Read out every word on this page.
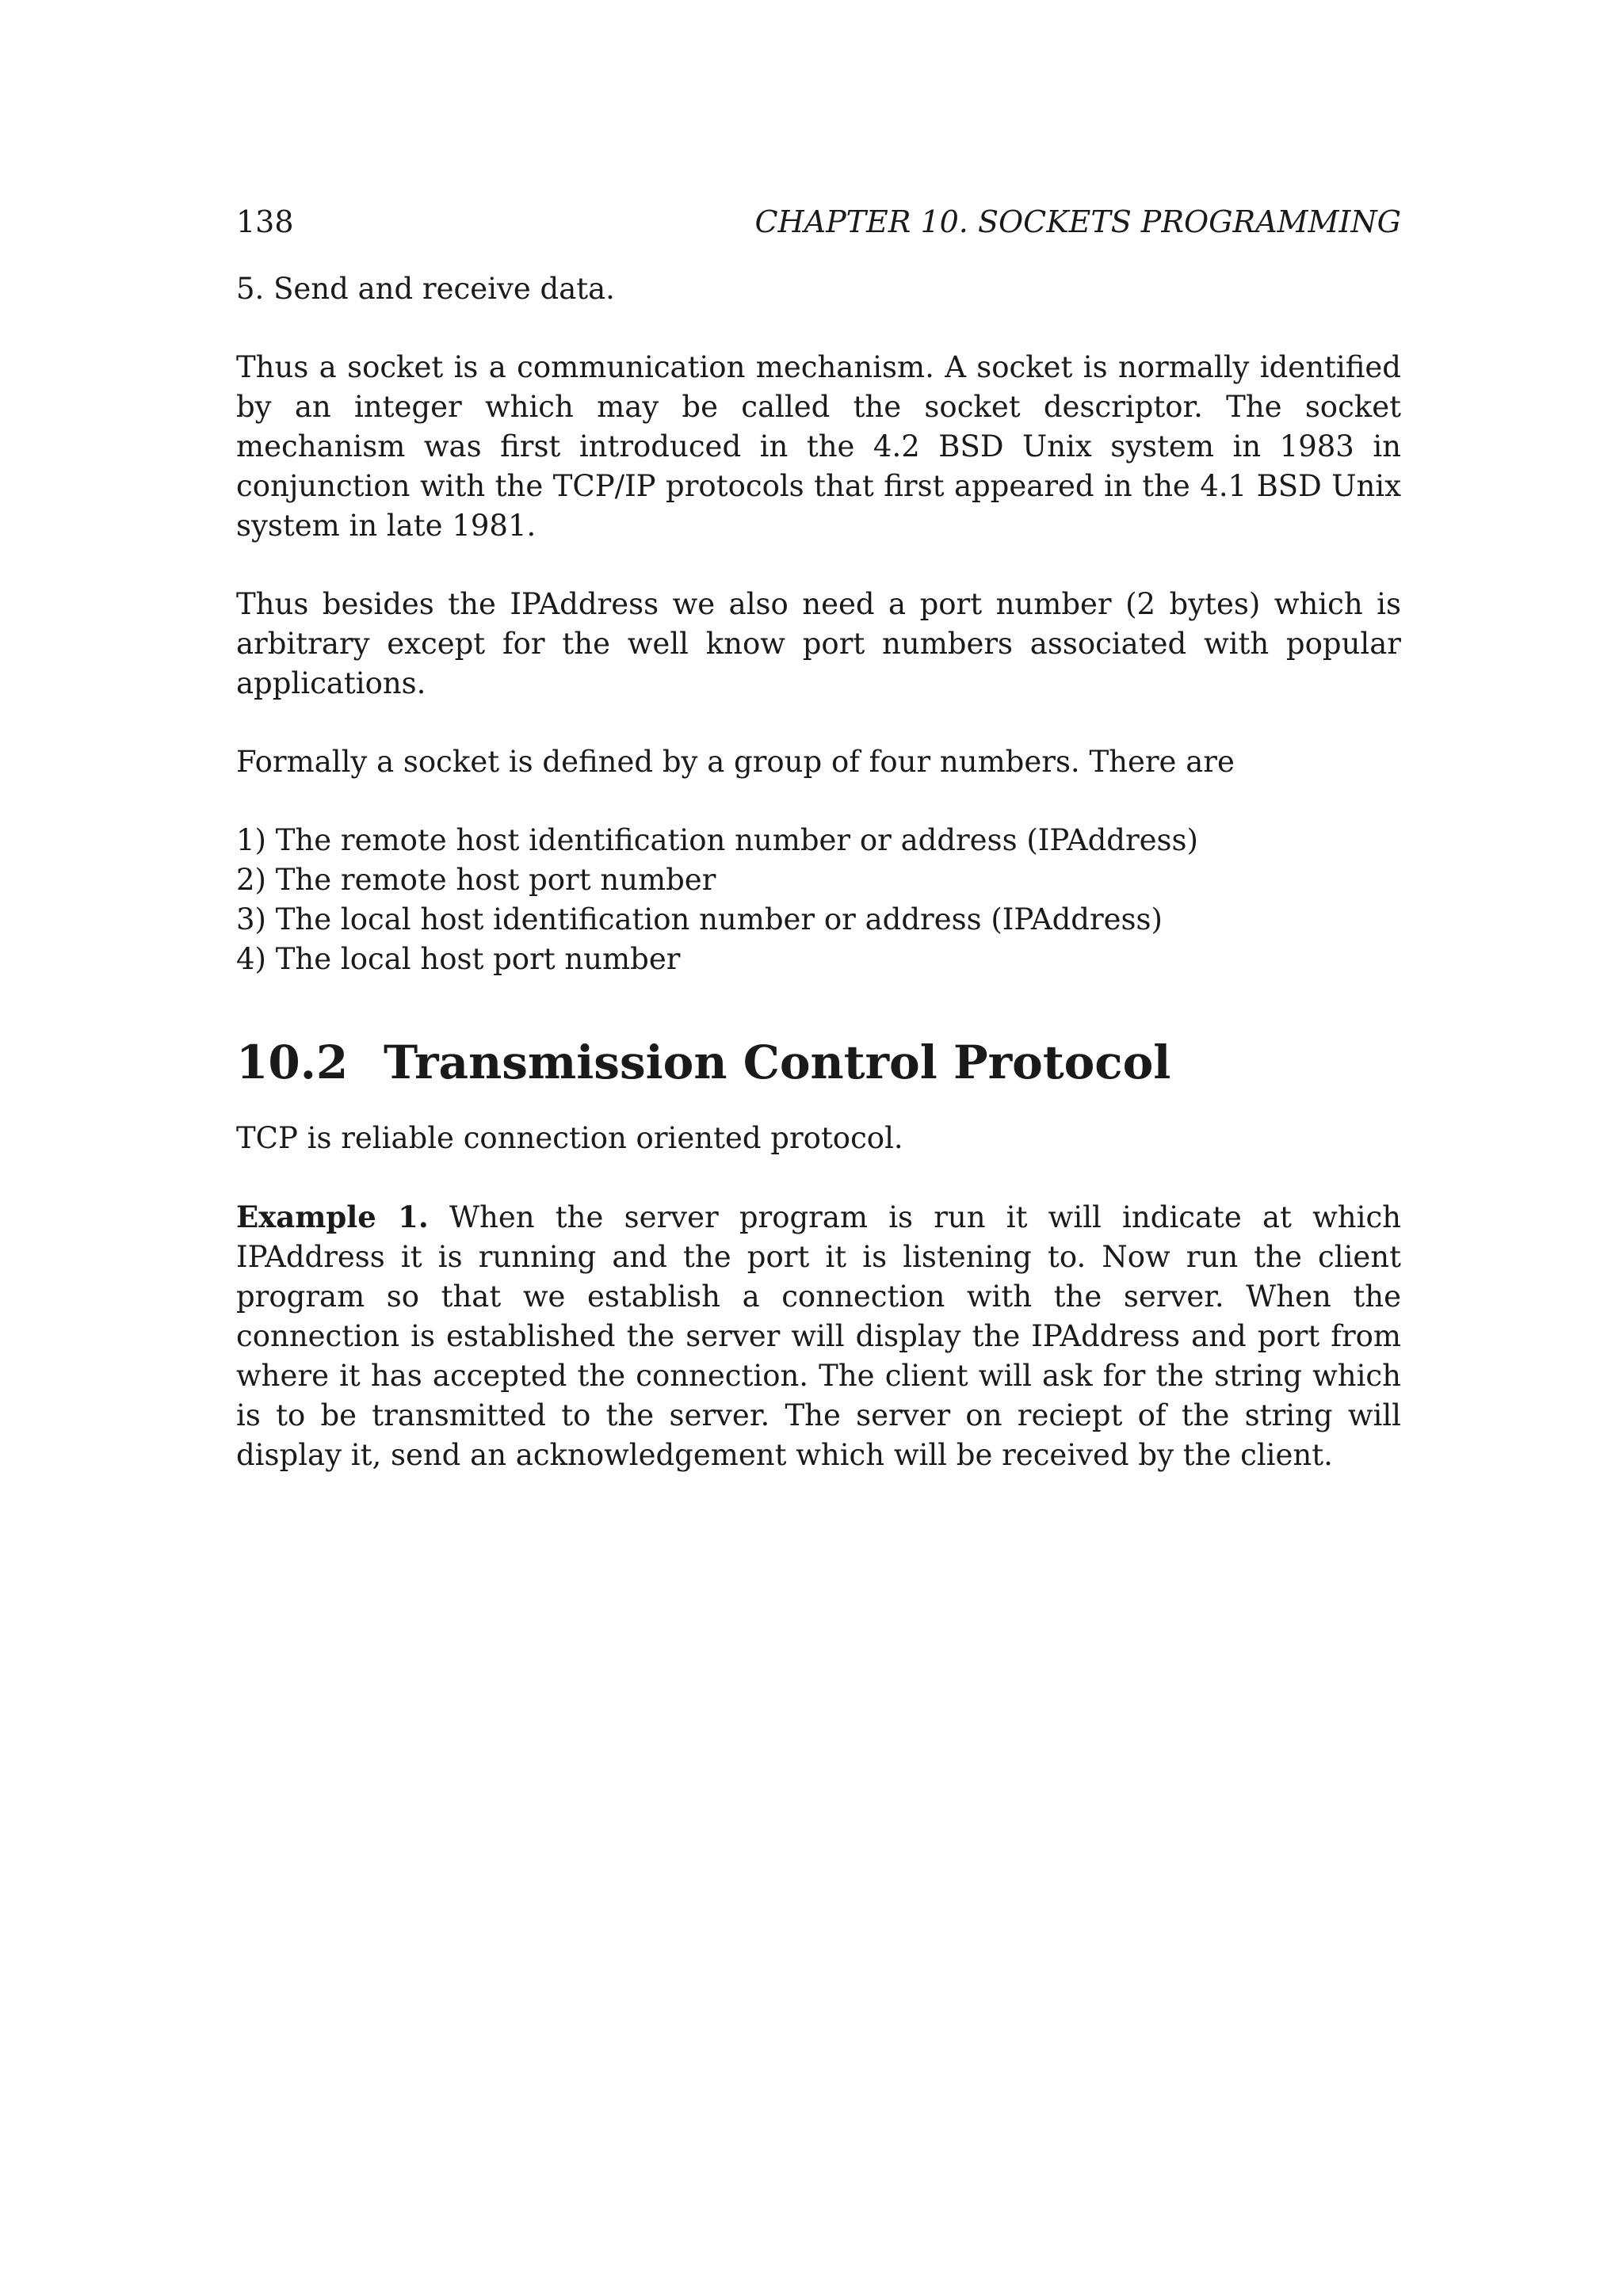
138	CHAPTER 10. SOCKETS PROGRAMMING
5. Send and receive data.

Thus a socket is a communication mechanism. A socket is normally identified by an integer which may be called the socket descriptor. The socket mechanism was first introduced in the 4.2 BSD Unix system in 1983 in conjunction with the TCP/IP protocols that first appeared in the 4.1 BSD Unix system in late 1981.

Thus besides the IPAddress we also need a port number (2 bytes) which is arbitrary except for the well know port numbers associated with popular applications.

Formally a socket is defined by a group of four numbers. There are

1) The remote host identification number or address (IPAddress)
2) The remote host port number
3) The local host identification number or address (IPAddress)
4) The local host port number
10.2 Transmission Control Protocol

TCP is reliable connection oriented protocol.

Example 1. When the server program is run it will indicate at which IPAddress it is running and the port it is listening to. Now run the client program so that we establish a connection with the server. When the connection is established the server will display the IPAddress and port from where it has accepted the connection. The client will ask for the string which is to be transmitted to the server. The server on reciept of the string will display it, send an acknowledgement which will be received by the client.
